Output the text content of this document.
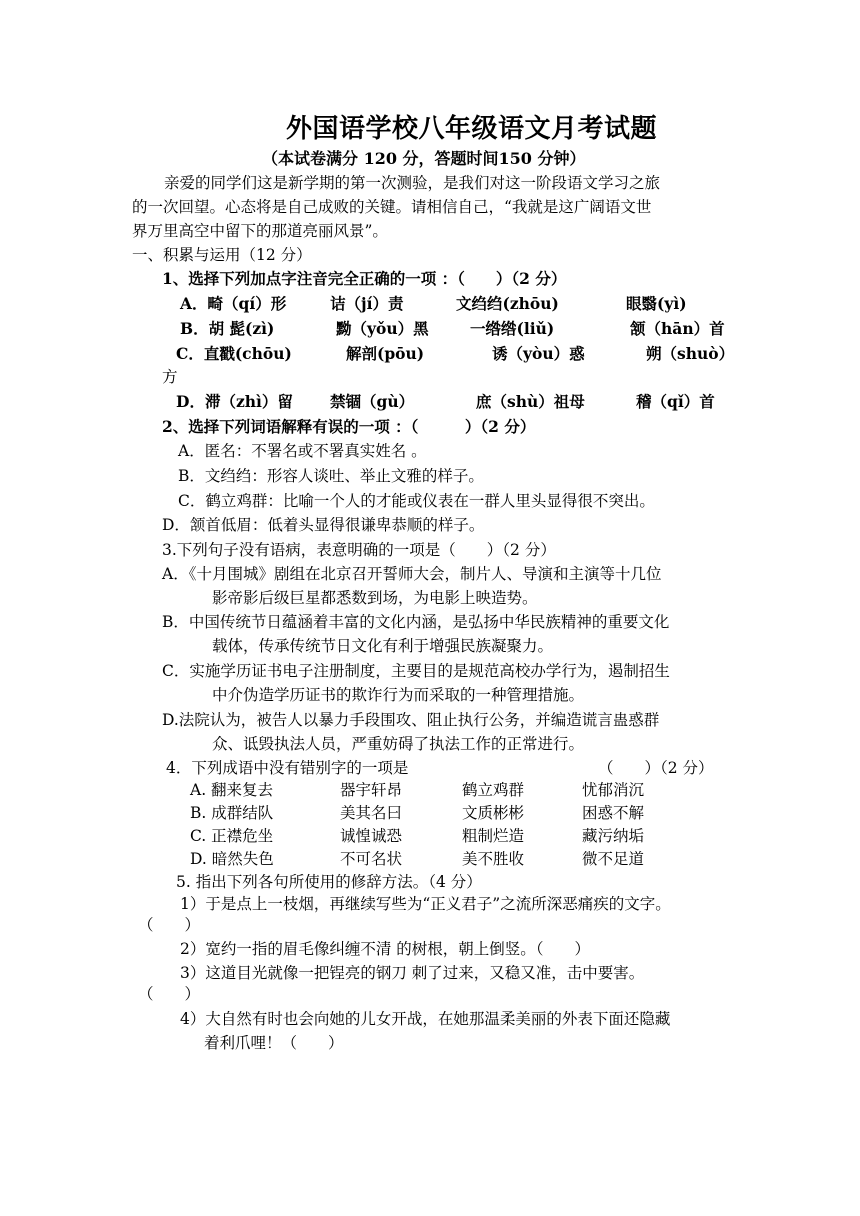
外国语学校八年级语文月考试题
（本试卷满分 120 分，答题时间150 分钟）
亲爱的同学们这是新学期的第一次测验，是我们对这一阶段语文学习之旅
的一次回望。心态将是自己成败的关键。请相信自己，“我就是这广阔语文世
界万里高空中留下的那道亮丽风景”。
一、积累与运用（12 分）
1、选择下列加点字注音完全正确的一项 ：（　　）（2 分）
A．畸（qí）形	诘（jí）责	文绉绉(zhōu)	眼翳(yì)
B．胡 髭(zì)	黝（yǒu）黑	一绺绺(liǔ)	颔（hān）首
C．直戳(chōu)	解剖(pōu)	诱（yòu）惑	朔（shuò）
方
D．滞（zhì）留 禁锢（gù）	庶（shù）祖母	稽（qǐ）首
2、选择下列词语解释有误的一项 ：（　　　）（2 分）
A．匿名：不署名或不署真实姓名 。
B．文绉绉：形容人谈吐、举止文雅的样子。
C．鹤立鸡群：比喻一个人的才能或仪表在一群人里头显得很不突出。
D．颔首低眉：低着头显得很谦卑恭顺的样子。
3.下列句子没有语病，表意明确的一项是（　　）（2 分）
A．《十月围城》剧组在北京召开誓师大会，制片人、导演和主演等十几位
影帝影后级巨星都悉数到场，为电影上映造势。
B．中国传统节日蕴涵着丰富的文化内涵，是弘扬中华民族精神的重要文化
载体，传承传统节日文化有利于增强民族凝聚力。
C．实施学历证书电子注册制度，主要目的是规范高校办学行为，遏制招生
中介伪造学历证书的欺诈行为而采取的一种管理措施。
D.法院认为，被告人以暴力手段围攻、阻止执行公务，并编造谎言蛊惑群
众、诋毁执法人员，严重妨碍了执法工作的正常进行。
4．下列成语中没有错别字的一项是	（　　）（2 分）
A. 翻来复去	器宇轩昂	鹤立鸡群	忧郁消沉
B. 成群结队	美其名曰	文质彬彬	困惑不解
C. 正襟危坐	诚惶诚恐	粗制烂造	藏污纳垢
D. 暗然失色	不可名状	美不胜收	微不足道
5. 指出下列各句所使用的修辞方法。（4 分）
1）于是点上一枝烟，再继续写些为“正义君子”之流所深恶痛疾的文字。
（　　）
2）宽约一指的眉毛像纠缠不清 的树根，朝上倒竖。（　　）
3）这道目光就像一把锃亮的钢刀 刺了过来，又稳又准，击中要害。
（　　）
4）大自然有时也会向她的儿女开战，在她那温柔美丽的外表下面还隐藏
着利爪哩！（　　）
